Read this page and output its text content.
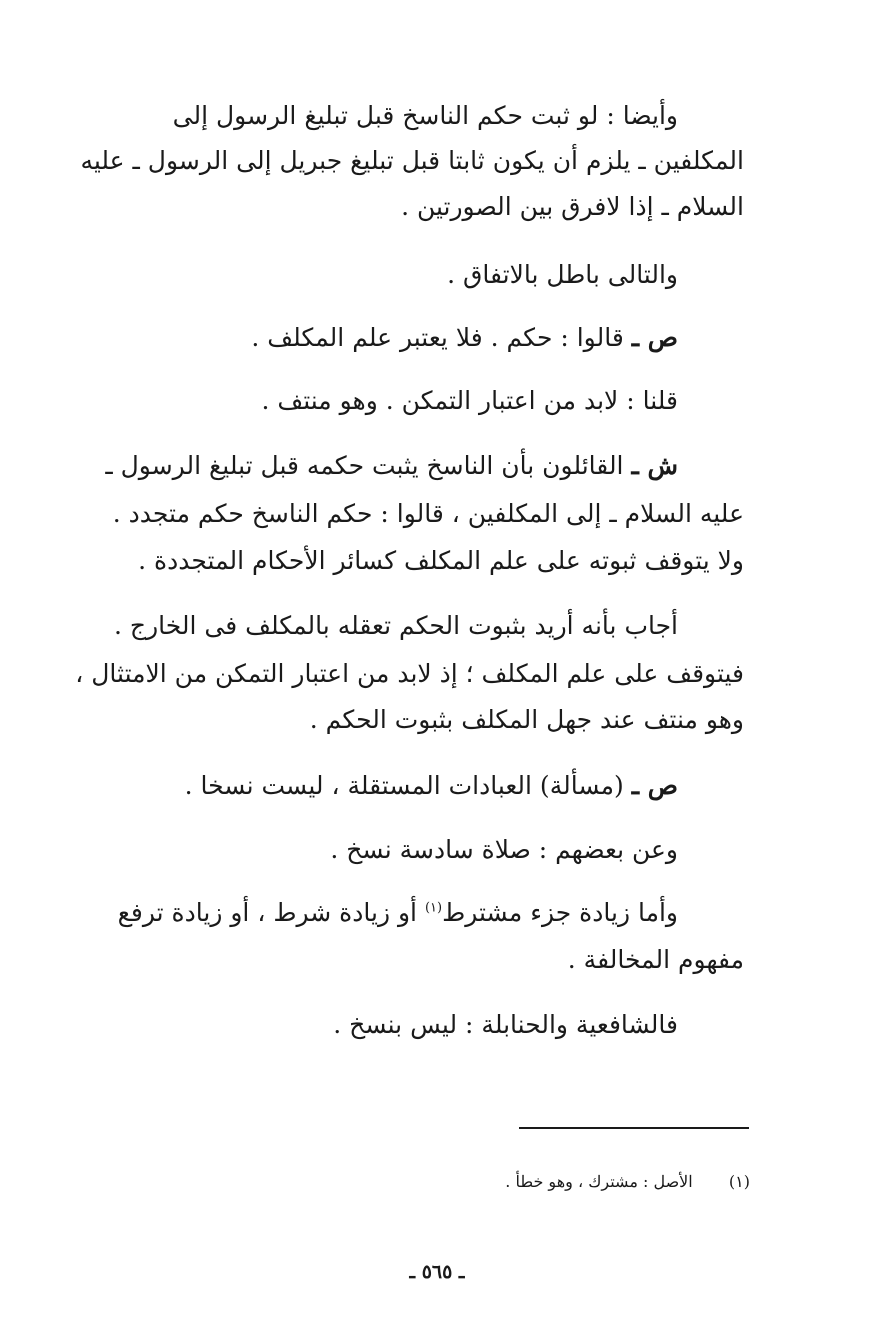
وأيضا : لو ثبت حكم الناسخ قبل تبليغ الرسول إلى
المكلفين ـ يلزم أن يكون ثابتا قبل تبليغ جبريل إلى الرسول ـ عليه
السلام ـ إذا لافرق بين الصورتين .
والتالى باطل بالاتفاق .
ص ـ قالوا : حكم . فلا يعتبر علم المكلف .
قلنا : لابد من اعتبار التمكن . وهو منتف .
ش ـ القائلون بأن الناسخ يثبت حكمه قبل تبليغ الرسول ـ
عليه السلام ـ إلى المكلفين ، قالوا : حكم الناسخ حكم متجدد .
ولا يتوقف ثبوته على علم المكلف كسائر الأحكام المتجددة .
أجاب بأنه أريد بثبوت الحكم تعقله بالمكلف فى الخارج .
فيتوقف على علم المكلف ؛ إذ لابد من اعتبار التمكن من الامتثال ،
وهو منتف عند جهل المكلف بثبوت الحكم .
ص ـ (مسألة) العبادات المستقلة ، ليست نسخا .
وعن بعضهم : صلاة سادسة نسخ .
وأما زيادة جزء مشترط$^{(١)}$ أو زيادة شرط ، أو زيادة ترفع
مفهوم المخالفة .
فالشافعية والحنابلة : ليس بنسخ .
(١)  الأصل : مشترك ، وهو خطأ .
ـ ٥٦٥ ـ
